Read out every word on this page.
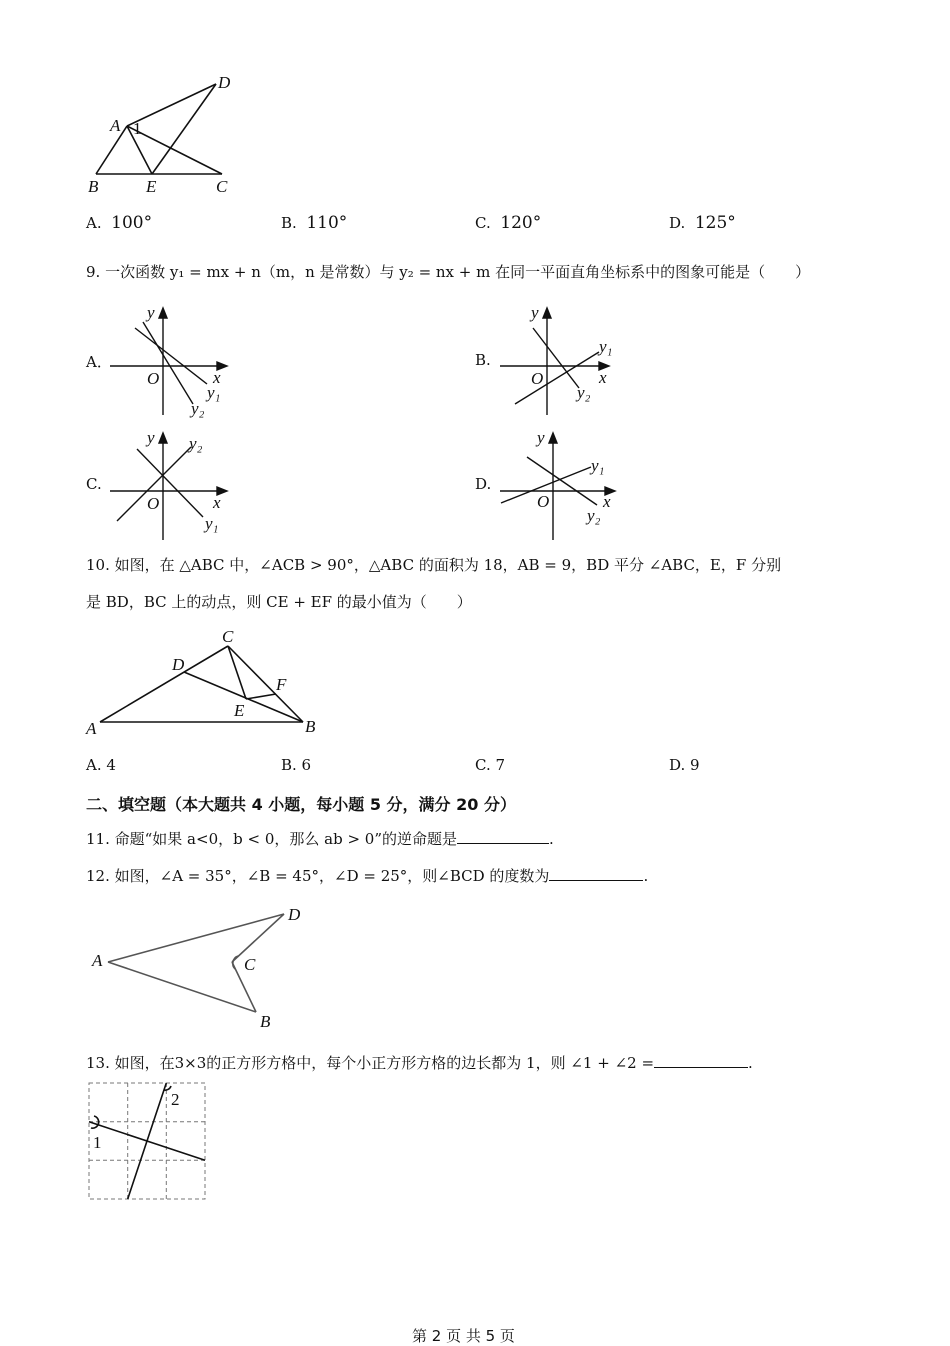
A 1
D
B	E	C
A. 100°	B. 110°	C. 120°	D. 125°
9. 一次函数 y₁ = mx + n（m，n 是常数）与 y₂ = nx + m 在同一平面直角坐标系中的图象可能是（　　）
A．
y
O	x
y₁
y₂
B.
y
O	x
y₁
y₂
C.
y
O	x
y₂
y₁
D.
y
O	x
y₁
y₂
10. 如图，在 △ABC 中，∠ACB > 90°，△ABC 的面积为 18，AB = 9，BD 平分 ∠ABC，E，F 分别
是 BD，BC 上的动点，则 CE + EF 的最小值为（　　）
A	B
C
D
E
F
A. 4	B. 6	C. 7	D. 9
二、填空题（本大题共 4 小题，每小题 5 分，满分 20 分）
11. 命题“如果 a<0，b < 0，那么 ab > 0”的逆命题是	.
12. 如图，∠A = 35°，∠B = 45°，∠D = 25°，则∠BCD 的度数为	.
A
D
C
B
13. 如图，在3×3的正方形方格中，每个小正方形方格的边长都为 1，则 ∠1 + ∠2 =	.
1
2
第 2 页 共 5 页
